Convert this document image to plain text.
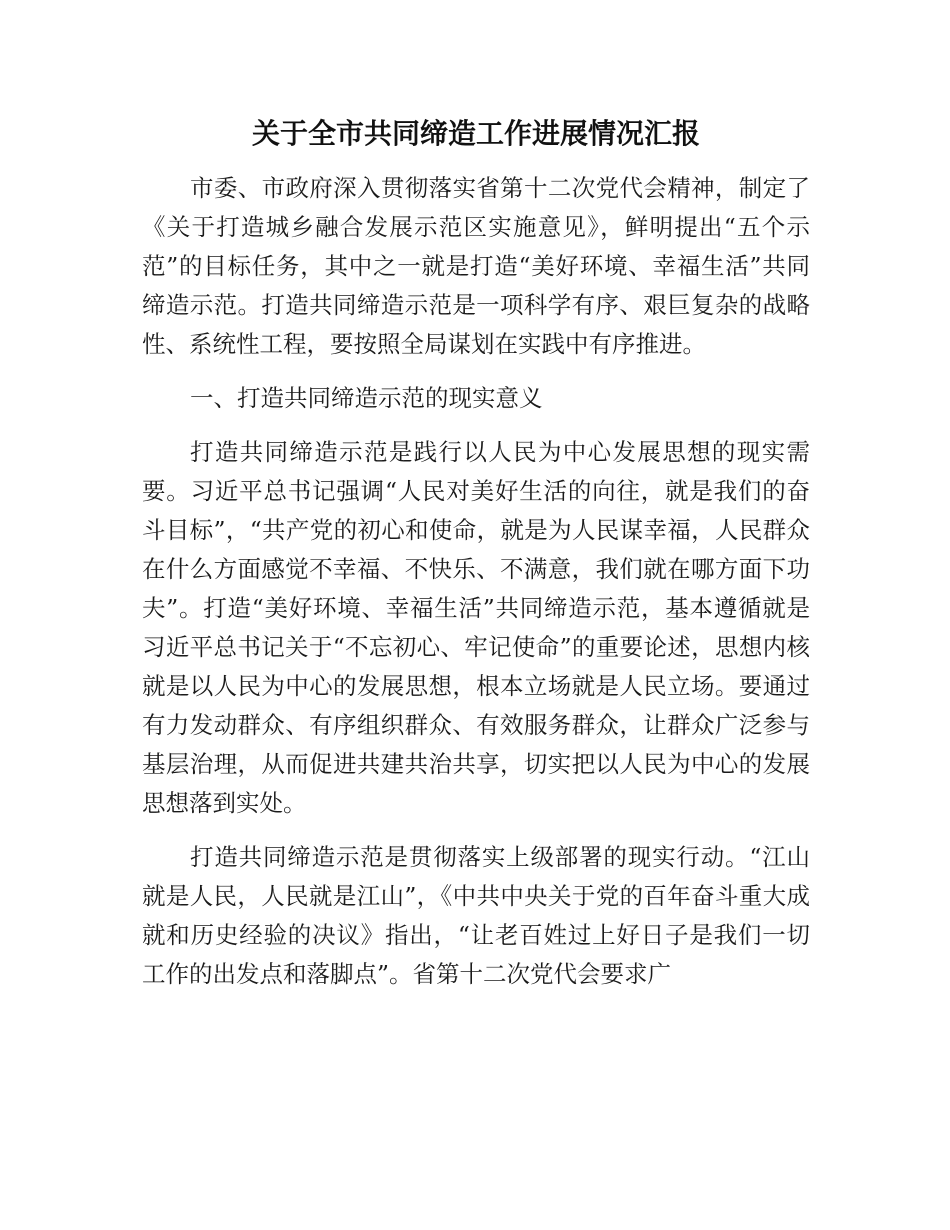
关于全市共同缔造工作进展情况汇报

市委、市政府深入贯彻落实省第十二次党代会精神，制定了《关于打造城乡融合发展示范区实施意见》，鲜明提出“五个示范”的目标任务，其中之一就是打造“美好环境、幸福生活”共同缔造示范。打造共同缔造示范是一项科学有序、艰巨复杂的战略性、系统性工程，要按照全局谋划在实践中有序推进。

一、打造共同缔造示范的现实意义

打造共同缔造示范是践行以人民为中心发展思想的现实需要。习近平总书记强调“人民对美好生活的向往，就是我们的奋斗目标”，“共产党的初心和使命，就是为人民谋幸福，人民群众在什么方面感觉不幸福、不快乐、不满意，我们就在哪方面下功夫”。打造“美好环境、幸福生活”共同缔造示范，基本遵循就是习近平总书记关于“不忘初心、牢记使命”的重要论述，思想内核就是以人民为中心的发展思想，根本立场就是人民立场。要通过有力发动群众、有序组织群众、有效服务群众，让群众广泛参与基层治理，从而促进共建共治共享，切实把以人民为中心的发展思想落到实处。

打造共同缔造示范是贯彻落实上级部署的现实行动。“江山就是人民，人民就是江山”，《中共中央关于党的百年奋斗重大成就和历史经验的决议》指出，“让老百姓过上好日子是我们一切工作的出发点和落脚点”。省第十二次党代会要求广
